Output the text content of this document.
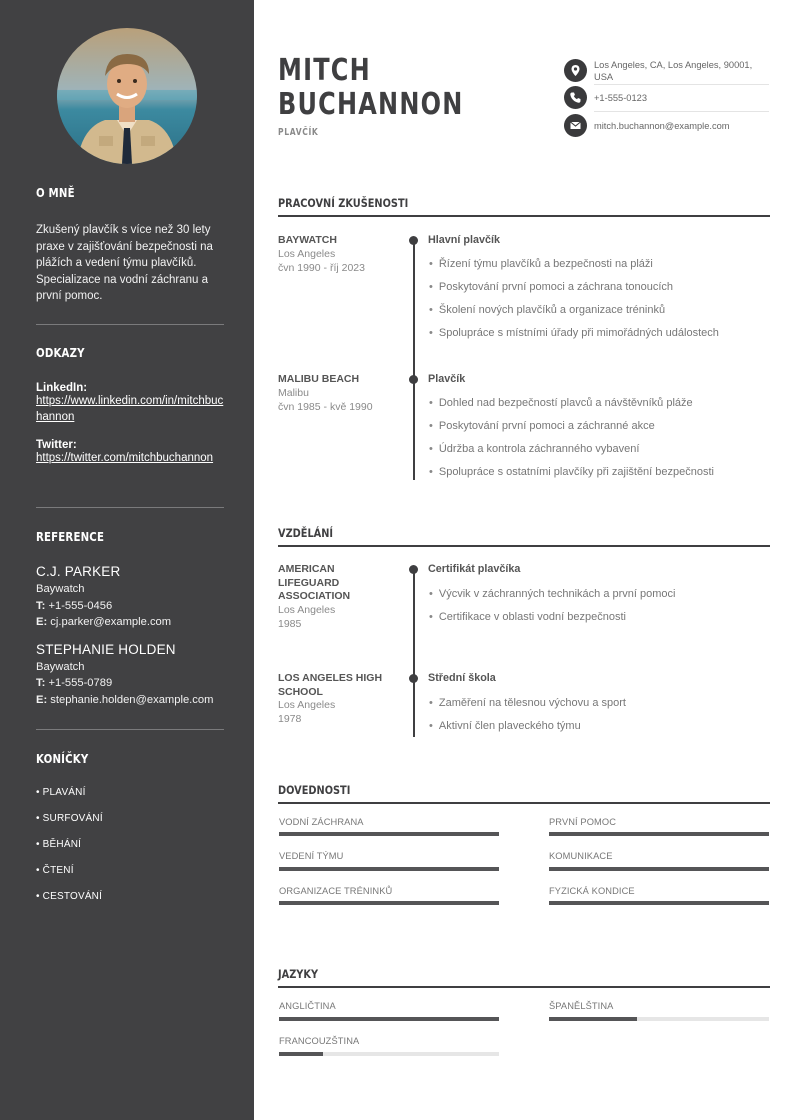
O MNĚ
Zkušený plavčík s více než 30 lety praxe v zajišťování bezpečnosti na plážích a vedení týmu plavčíků. Specializace na vodní záchranu a první pomoc.
ODKAZY
LinkedIn:
https://www.linkedin.com/in/mitchbuchannon
Twitter:
https://twitter.com/mitchbuchannon
REFERENCE
C.J. PARKER
Baywatch
T: +1-555-0456
E: cj.parker@example.com
STEPHANIE HOLDEN
Baywatch
T: +1-555-0789
E: stephanie.holden@example.com
KONÍČKY
• PLAVÁNÍ
• SURFOVÁNÍ
• BĚHÁNÍ
• ČTENÍ
• CESTOVÁNÍ
MITCH
BUCHANNON
PLAVČÍK
Los Angeles, CA, Los Angeles, 90001, USA
+1-555-0123
mitch.buchannon@example.com
PRACOVNÍ ZKUŠENOSTI
BAYWATCH
Los Angeles
čvn 1990 - říj 2023
Hlavní plavčík
• Řízení týmu plavčíků a bezpečnosti na pláži
• Poskytování první pomoci a záchrana tonoucích
• Školení nových plavčíků a organizace tréninků
• Spolupráce s místními úřady při mimořádných událostech
MALIBU BEACH
Malibu
čvn 1985 - kvě 1990
Plavčík
• Dohled nad bezpečností plavců a návštěvníků pláže
• Poskytování první pomoci a záchranné akce
• Údržba a kontrola záchranného vybavení
• Spolupráce s ostatními plavčíky při zajištění bezpečnosti
VZDĚLÁNÍ
AMERICAN
LIFEGUARD
ASSOCIATION
Los Angeles
1985
Certifikát plavčíka
• Výcvik v záchranných technikách a první pomoci
• Certifikace v oblasti vodní bezpečnosti
LOS ANGELES HIGH
SCHOOL
Los Angeles
1978
Střední škola
• Zaměření na tělesnou výchovu a sport
• Aktivní člen plaveckého týmu
DOVEDNOSTI
VODNÍ ZÁCHRANA	PRVNÍ POMOC
VEDENÍ TÝMU	KOMUNIKACE
ORGANIZACE TRÉNINKŮ	FYZICKÁ KONDICE
JAZYKY
ANGLIČTINA	ŠPANĚLŠTINA
FRANCOUZŠTINA
